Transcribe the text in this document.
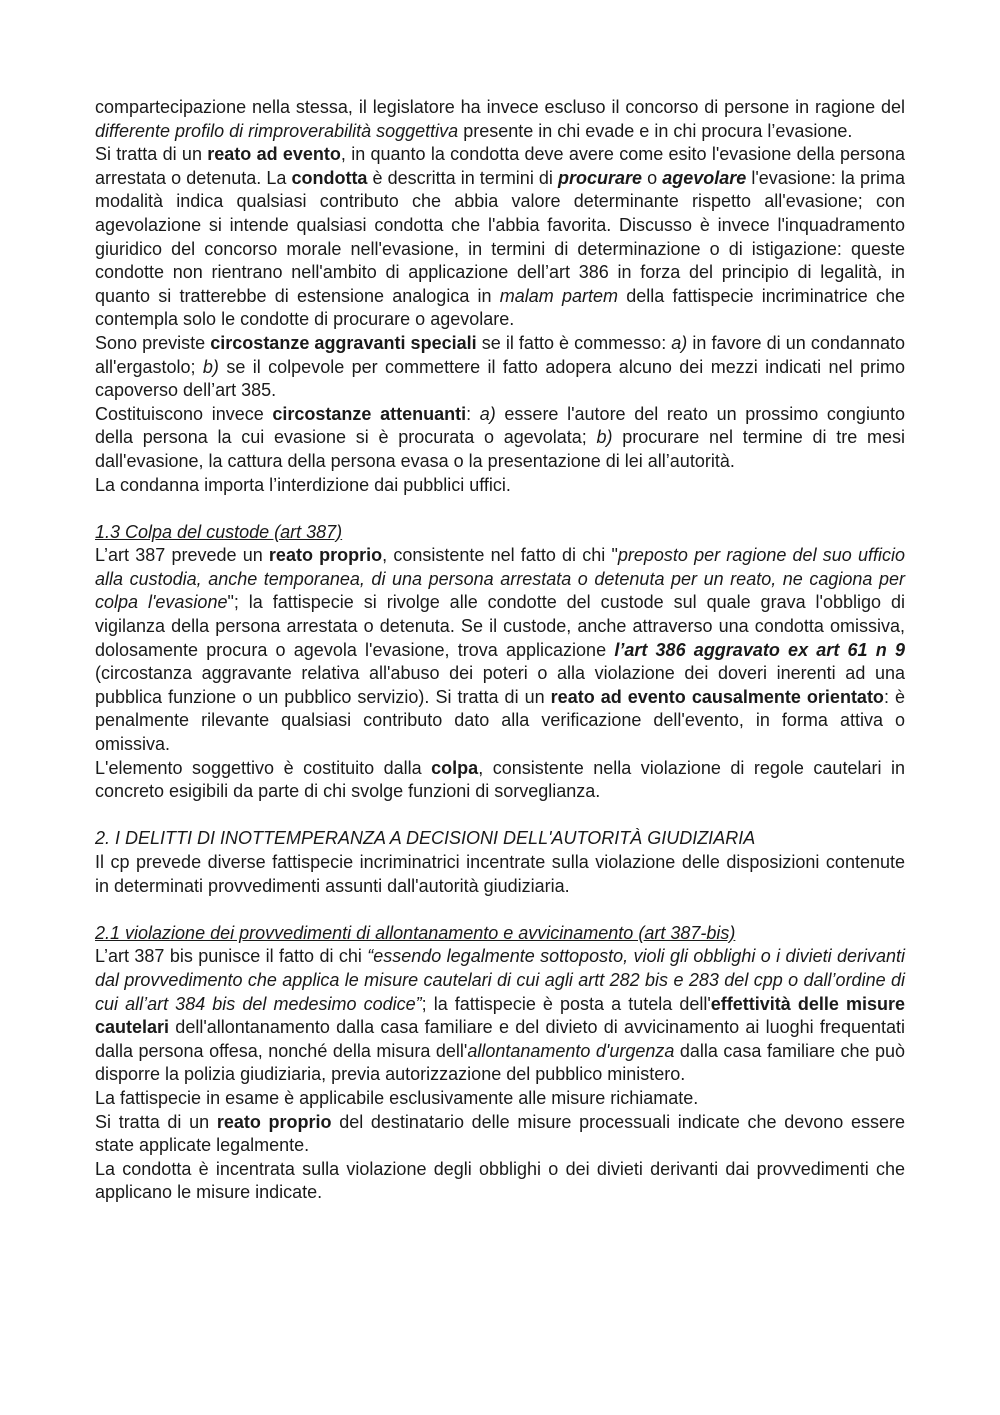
compartecipazione nella stessa, il legislatore ha invece escluso il concorso di persone in ragione del differente profilo di rimproverabilità soggettiva presente in chi evade e in chi procura l’evasione.

Si tratta di un reato ad evento, in quanto la condotta deve avere come esito l'evasione della persona arrestata o detenuta. La condotta è descritta in termini di procurare o agevolare l'evasione: la prima modalità indica qualsiasi contributo che abbia valore determinante rispetto all'evasione; con agevolazione si intende qualsiasi condotta che l'abbia favorita. Discusso è invece l'inquadramento giuridico del concorso morale nell'evasione, in termini di determinazione o di istigazione: queste condotte non rientrano nell'ambito di applicazione dell’art 386 in forza del principio di legalità, in quanto si tratterebbe di estensione analogica in malam partem della fattispecie incriminatrice che contempla solo le condotte di procurare o agevolare.

Sono previste circostanze aggravanti speciali se il fatto è commesso: a) in favore di un condannato all'ergastolo; b) se il colpevole per commettere il fatto adopera alcuno dei mezzi indicati nel primo capoverso dell’art 385.

Costituiscono invece circostanze attenuanti: a) essere l'autore del reato un prossimo congiunto della persona la cui evasione si è procurata o agevolata; b) procurare nel termine di tre mesi dall'evasione, la cattura della persona evasa o la presentazione di lei all’autorità.

La condanna importa l’interdizione dai pubblici uffici.

1.3 Colpa del custode (art 387)

L’art 387 prevede un reato proprio, consistente nel fatto di chi "preposto per ragione del suo ufficio alla custodia, anche temporanea, di una persona arrestata o detenuta per un reato, ne cagiona per colpa l'evasione"; la fattispecie si rivolge alle condotte del custode sul quale grava l'obbligo di vigilanza della persona arrestata o detenuta. Se il custode, anche attraverso una condotta omissiva, dolosamente procura o agevola l'evasione, trova applicazione l’art 386 aggravato ex art 61 n 9 (circostanza aggravante relativa all'abuso dei poteri o alla violazione dei doveri inerenti ad una pubblica funzione o un pubblico servizio). Si tratta di un reato ad evento causalmente orientato: è penalmente rilevante qualsiasi contributo dato alla verificazione dell'evento, in forma attiva o omissiva.

L'elemento soggettivo è costituito dalla colpa, consistente nella violazione di regole cautelari in concreto esigibili da parte di chi svolge funzioni di sorveglianza.

2. I DELITTI DI INOTTEMPERANZA A DECISIONI DELL'AUTORITÀ GIUDIZIARIA

Il cp prevede diverse fattispecie incriminatrici incentrate sulla violazione delle disposizioni contenute in determinati provvedimenti assunti dall'autorità giudiziaria.

2.1 violazione dei provvedimenti di allontanamento e avvicinamento (art 387-bis)

L’art 387 bis punisce il fatto di chi “essendo legalmente sottoposto, violi gli obblighi o i divieti derivanti dal provvedimento che applica le misure cautelari di cui agli artt 282 bis e 283 del cpp o dall’ordine di cui all’art 384 bis del medesimo codice”; la fattispecie è posta a tutela dell'effettività delle misure cautelari dell'allontanamento dalla casa familiare e del divieto di avvicinamento ai luoghi frequentati dalla persona offesa, nonché della misura dell'allontanamento d'urgenza dalla casa familiare che può disporre la polizia giudiziaria, previa autorizzazione del pubblico ministero.

La fattispecie in esame è applicabile esclusivamente alle misure richiamate.

Si tratta di un reato proprio del destinatario delle misure processuali indicate che devono essere state applicate legalmente.

La condotta è incentrata sulla violazione degli obblighi o dei divieti derivanti dai provvedimenti che applicano le misure indicate.
